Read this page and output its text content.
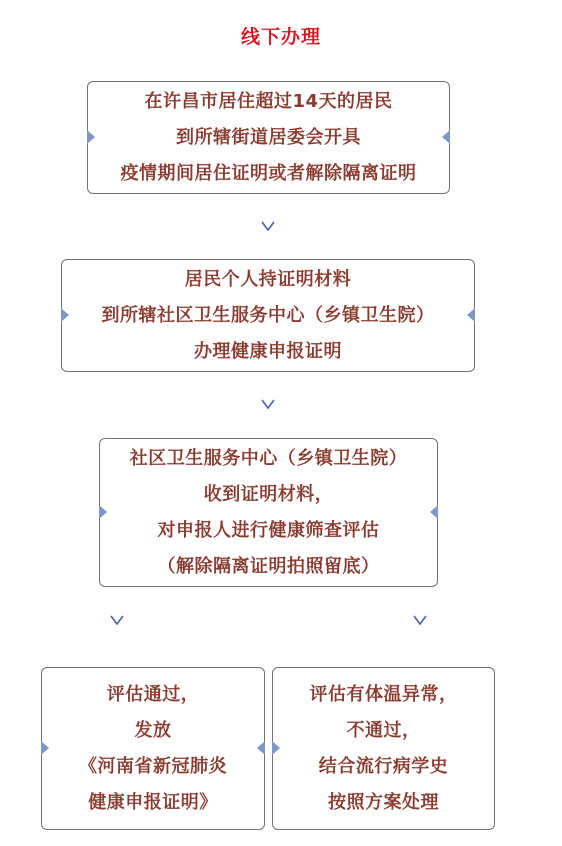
线下办理
在许昌市居住超过14天的居民
到所辖街道居委会开具
疫情期间居住证明或者解除隔离证明
居民个人持证明材料
到所辖社区卫生服务中心（乡镇卫生院）
办理健康申报证明
社区卫生服务中心（乡镇卫生院）
收到证明材料，
对申报人进行健康筛查评估
（解除隔离证明拍照留底）
评估通过，
发放
《河南省新冠肺炎
健康申报证明》
评估有体温异常，
不通过，
结合流行病学史
按照方案处理
